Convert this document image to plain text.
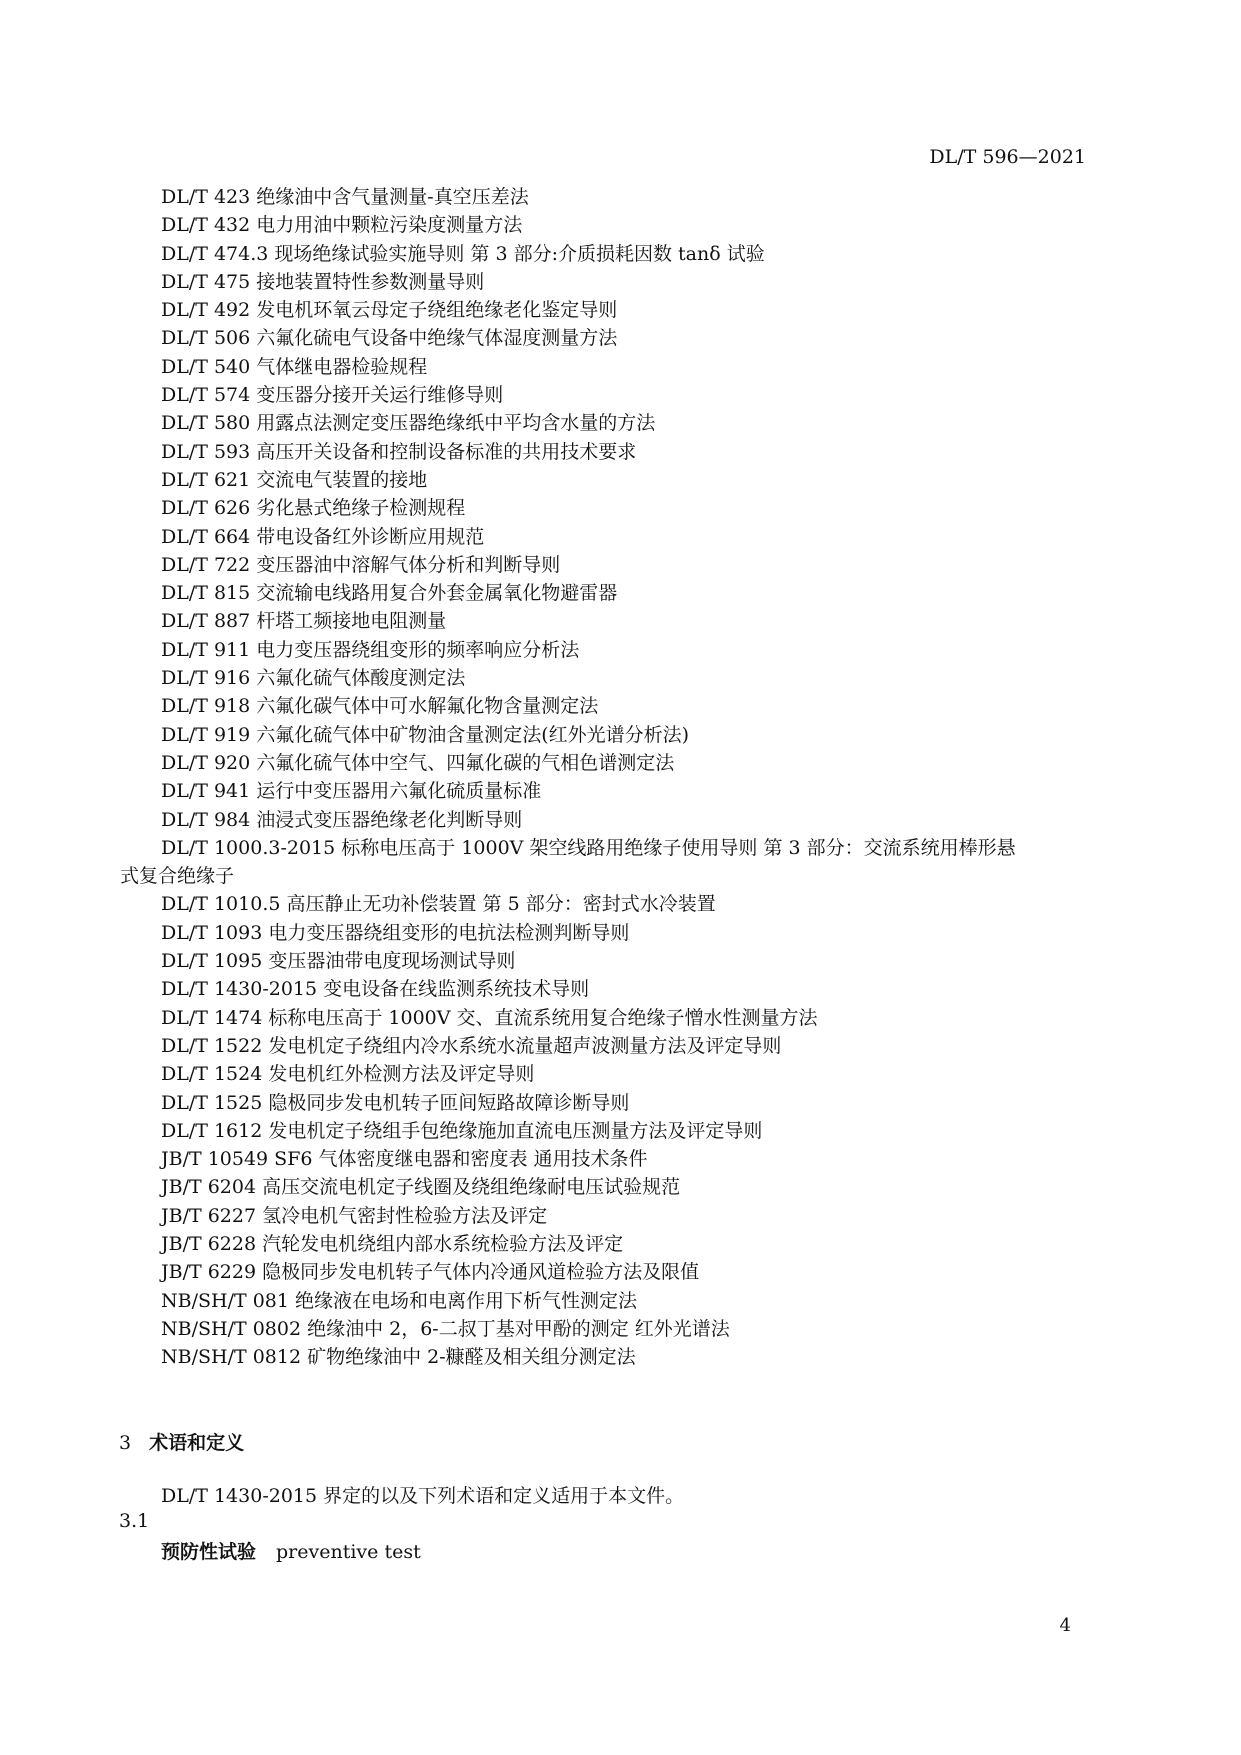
DL/T 596—2021
DL/T 423 绝缘油中含气量测量-真空压差法
DL/T 432 电力用油中颗粒污染度测量方法
DL/T 474.3 现场绝缘试验实施导则 第 3 部分:介质损耗因数 tanδ 试验
DL/T 475 接地装置特性参数测量导则
DL/T 492 发电机环氧云母定子绕组绝缘老化鉴定导则
DL/T 506 六氟化硫电气设备中绝缘气体湿度测量方法
DL/T 540 气体继电器检验规程
DL/T 574 变压器分接开关运行维修导则
DL/T 580 用露点法测定变压器绝缘纸中平均含水量的方法
DL/T 593 高压开关设备和控制设备标准的共用技术要求
DL/T 621 交流电气装置的接地
DL/T 626 劣化悬式绝缘子检测规程
DL/T 664 带电设备红外诊断应用规范
DL/T 722 变压器油中溶解气体分析和判断导则
DL/T 815 交流输电线路用复合外套金属氧化物避雷器
DL/T 887 杆塔工频接地电阻测量
DL/T 911 电力变压器绕组变形的频率响应分析法
DL/T 916 六氟化硫气体酸度测定法
DL/T 918 六氟化碳气体中可水解氟化物含量测定法
DL/T 919 六氟化硫气体中矿物油含量测定法(红外光谱分析法)
DL/T 920 六氟化硫气体中空气、四氟化碳的气相色谱测定法
DL/T 941 运行中变压器用六氟化硫质量标准
DL/T 984 油浸式变压器绝缘老化判断导则
DL/T 1000.3-2015 标称电压高于 1000V 架空线路用绝缘子使用导则 第 3 部分：交流系统用棒形悬
式复合绝缘子
DL/T 1010.5 高压静止无功补偿装置 第 5 部分：密封式水冷装置
DL/T 1093 电力变压器绕组变形的电抗法检测判断导则
DL/T 1095 变压器油带电度现场测试导则
DL/T 1430-2015 变电设备在线监测系统技术导则
DL/T 1474 标称电压高于 1000V 交、直流系统用复合绝缘子憎水性测量方法
DL/T 1522 发电机定子绕组内冷水系统水流量超声波测量方法及评定导则
DL/T 1524 发电机红外检测方法及评定导则
DL/T 1525 隐极同步发电机转子匝间短路故障诊断导则
DL/T 1612 发电机定子绕组手包绝缘施加直流电压测量方法及评定导则
JB/T 10549 SF6 气体密度继电器和密度表 通用技术条件
JB/T 6204 高压交流电机定子线圈及绕组绝缘耐电压试验规范
JB/T 6227 氢冷电机气密封性检验方法及评定
JB/T 6228 汽轮发电机绕组内部水系统检验方法及评定
JB/T 6229 隐极同步发电机转子气体内冷通风道检验方法及限值
NB/SH/T 081 绝缘液在电场和电离作用下析气性测定法
NB/SH/T 0802 绝缘油中 2，6-二叔丁基对甲酚的测定 红外光谱法
NB/SH/T 0812 矿物绝缘油中 2-糠醛及相关组分测定法
3 术语和定义
DL/T 1430-2015 界定的以及下列术语和定义适用于本文件。
3.1
预防性试验 preventive test
4
